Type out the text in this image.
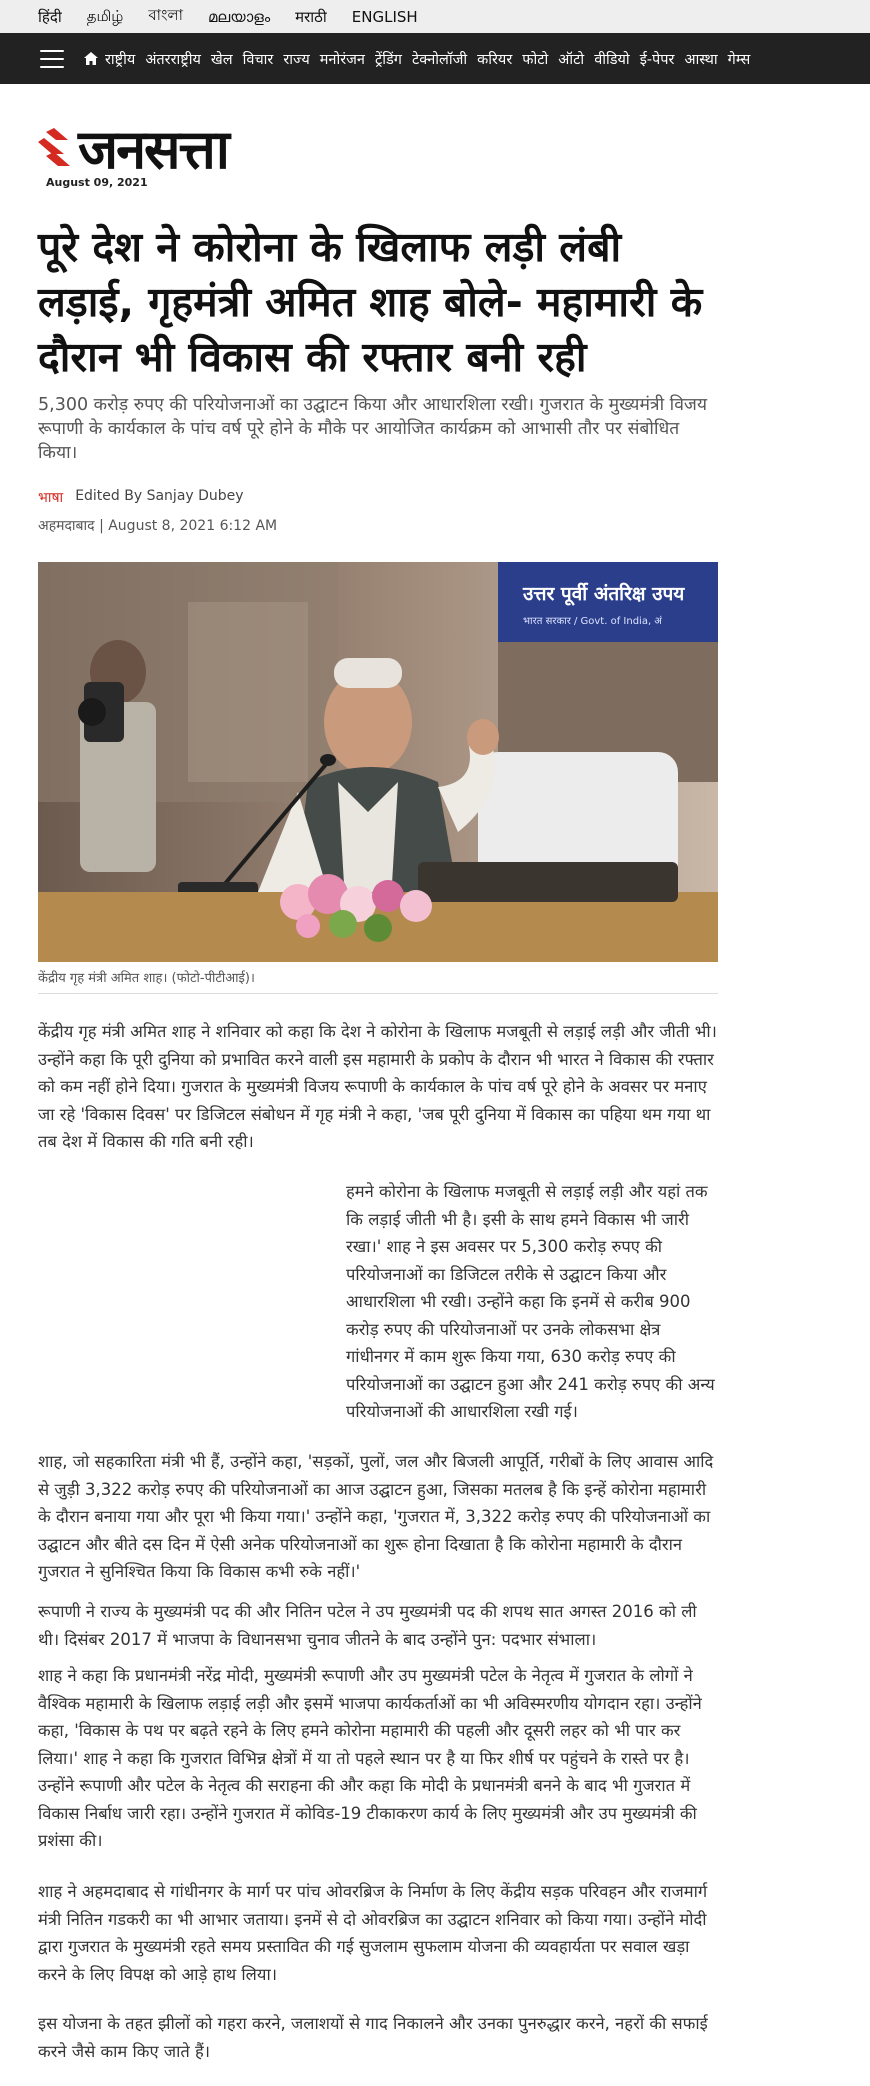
हिंदी தமிழ் বাংলা മലയാളം मराठी ENGLISH
राष्ट्रीय अंतरराष्ट्रीय खेल विचार राज्य मनोरंजन ट्रेंडिंग टेक्नोलॉजी करियर फोटो ऑटो वीडियो ई-पेपर आस्था गेम्स
जनसत्ता
August 09, 2021
पूरे देश ने कोरोना के खिलाफ लड़ी लंबी लड़ाई, गृहमंत्री अमित शाह बोले- महामारी के दौरान भी विकास की रफ्तार बनी रही

5,300 करोड़ रुपए की परियोजनाओं का उद्घाटन किया और आधारशिला रखी। गुजरात के मुख्यमंत्री विजय रूपाणी के कार्यकाल के पांच वर्ष पूरे होने के मौके पर आयोजित कार्यक्रम को आभासी तौर पर संबोधित किया।

भाषा Edited By Sanjay Dubey
अहमदाबाद | August 8, 2021 6:12 AM
उत्तर पूर्वी अंतरिक्ष उपय
भारत सरकार / Govt. of India, अं
केंद्रीय गृह मंत्री अमित शाह। (फोटो-पीटीआई)।

केंद्रीय गृह मंत्री अमित शाह ने शनिवार को कहा कि देश ने कोरोना के खिलाफ मजबूती से लड़ाई लड़ी और जीती भी। उन्होंने कहा कि पूरी दुनिया को प्रभावित करने वाली इस महामारी के प्रकोप के दौरान भी भारत ने विकास की रफ्तार को कम नहीं होने दिया। गुजरात के मुख्यमंत्री विजय रूपाणी के कार्यकाल के पांच वर्ष पूरे होने के अवसर पर मनाए जा रहे 'विकास दिवस' पर डिजिटल संबोधन में गृह मंत्री ने कहा, 'जब पूरी दुनिया में विकास का पहिया थम गया था तब देश में विकास की गति बनी रही।

हमने कोरोना के खिलाफ मजबूती से लड़ाई लड़ी और यहां तक कि लड़ाई जीती भी है। इसी के साथ हमने विकास भी जारी रखा।' शाह ने इस अवसर पर 5,300 करोड़ रुपए की परियोजनाओं का डिजिटल तरीके से उद्घाटन किया और आधारशिला भी रखी। उन्होंने कहा कि इनमें से करीब 900 करोड़ रुपए की परियोजनाओं पर उनके लोकसभा क्षेत्र गांधीनगर में काम शुरू किया गया, 630 करोड़ रुपए की परियोजनाओं का उद्घाटन हुआ और 241 करोड़ रुपए की अन्य परियोजनाओं की आधारशिला रखी गई।

शाह, जो सहकारिता मंत्री भी हैं, उन्होंने कहा, 'सड़कों, पुलों, जल और बिजली आपूर्ति, गरीबों के लिए आवास आदि से जुड़ी 3,322 करोड़ रुपए की परियोजनाओं का आज उद्घाटन हुआ, जिसका मतलब है कि इन्हें कोरोना महामारी के दौरान बनाया गया और पूरा भी किया गया।' उन्होंने कहा, 'गुजरात में, 3,322 करोड़ रुपए की परियोजनाओं का उद्घाटन और बीते दस दिन में ऐसी अनेक परियोजनाओं का शुरू होना दिखाता है कि कोरोना महामारी के दौरान गुजरात ने सुनिश्चित किया कि विकास कभी रुके नहीं।'

रूपाणी ने राज्य के मुख्यमंत्री पद की और नितिन पटेल ने उप मुख्यमंत्री पद की शपथ सात अगस्त 2016 को ली थी। दिसंबर 2017 में भाजपा के विधानसभा चुनाव जीतने के बाद उन्होंने पुन: पदभार संभाला।

शाह ने कहा कि प्रधानमंत्री नरेंद्र मोदी, मुख्यमंत्री रूपाणी और उप मुख्यमंत्री पटेल के नेतृत्व में गुजरात के लोगों ने वैश्विक महामारी के खिलाफ लड़ाई लड़ी और इसमें भाजपा कार्यकर्ताओं का भी अविस्मरणीय योगदान रहा। उन्होंने कहा, 'विकास के पथ पर बढ़ते रहने के लिए हमने कोरोना महामारी की पहली और दूसरी लहर को भी पार कर लिया।' शाह ने कहा कि गुजरात विभिन्न क्षेत्रों में या तो पहले स्थान पर है या फिर शीर्ष पर पहुंचने के रास्ते पर है। उन्होंने रूपाणी और पटेल के नेतृत्व की सराहना की और कहा कि मोदी के प्रधानमंत्री बनने के बाद भी गुजरात में विकास निर्बाध जारी रहा। उन्होंने गुजरात में कोविड-19 टीकाकरण कार्य के लिए मुख्यमंत्री और उप मुख्यमंत्री की प्रशंसा की।

शाह ने अहमदाबाद से गांधीनगर के मार्ग पर पांच ओवरब्रिज के निर्माण के लिए केंद्रीय सड़क परिवहन और राजमार्ग मंत्री नितिन गडकरी का भी आभार जताया। इनमें से दो ओवरब्रिज का उद्घाटन शनिवार को किया गया। उन्होंने मोदी द्वारा गुजरात के मुख्यमंत्री रहते समय प्रस्तावित की गई सुजलाम सुफलाम योजना की व्यवहार्यता पर सवाल खड़ा करने के लिए विपक्ष को आड़े हाथ लिया।

इस योजना के तहत झीलों को गहरा करने, जलाशयों से गाद निकालने और उनका पुनरुद्धार करने, नहरों की सफाई करने जैसे काम किए जाते हैं।
